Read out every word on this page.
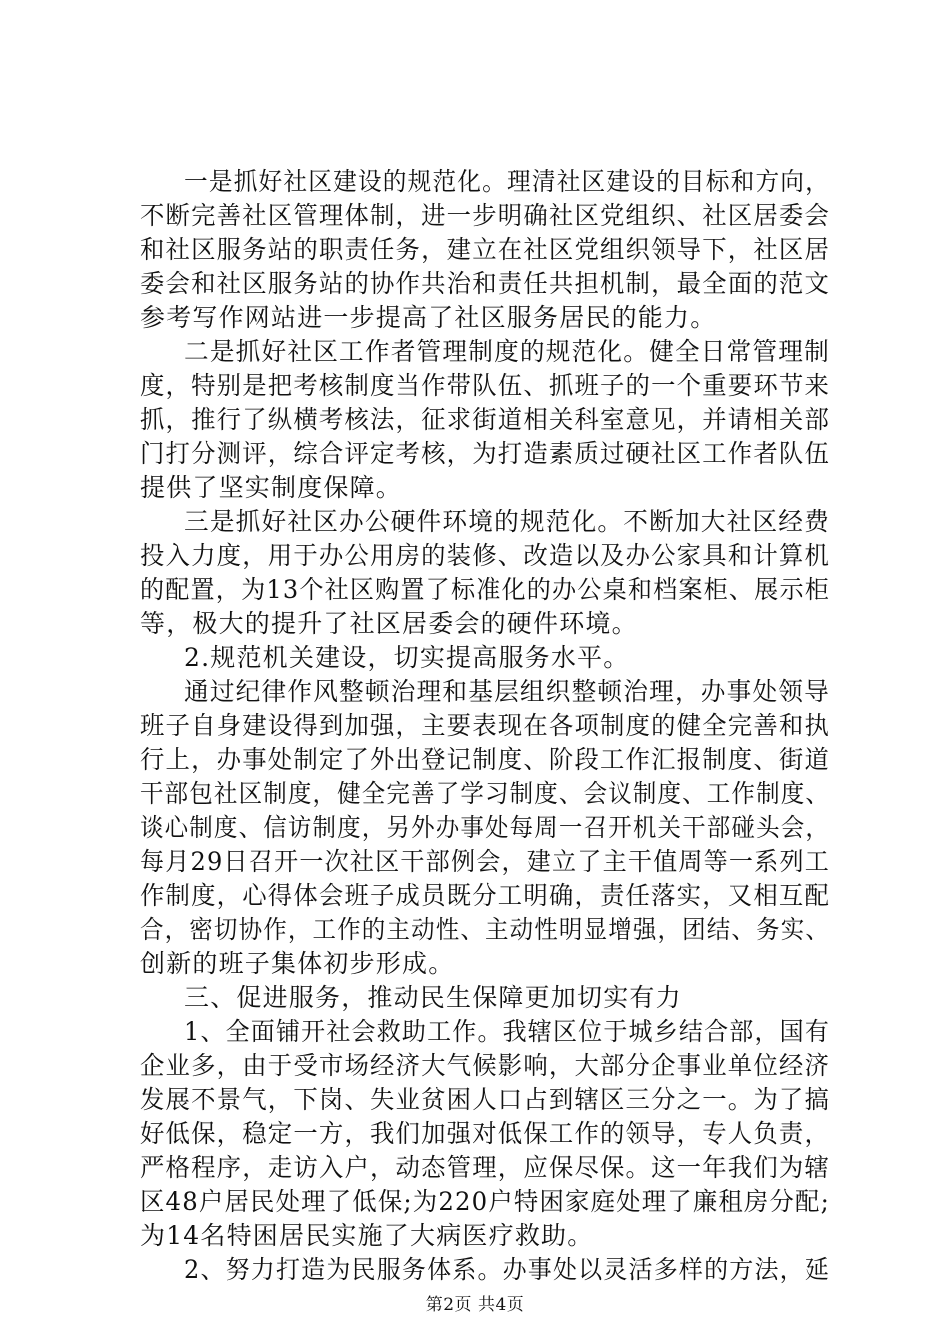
一是抓好社区建设的规范化。理清社区建设的目标和方向，
不断完善社区管理体制，进一步明确社区党组织、社区居委会
和社区服务站的职责任务，建立在社区党组织领导下，社区居
委会和社区服务站的协作共治和责任共担机制，最全面的范文
参考写作网站进一步提高了社区服务居民的能力。
二是抓好社区工作者管理制度的规范化。健全日常管理制
度，特别是把考核制度当作带队伍、抓班子的一个重要环节来
抓，推行了纵横考核法，征求街道相关科室意见，并请相关部
门打分测评，综合评定考核，为打造素质过硬社区工作者队伍
提供了坚实制度保障。
三是抓好社区办公硬件环境的规范化。不断加大社区经费
投入力度，用于办公用房的装修、改造以及办公家具和计算机
的配置，为13个社区购置了标准化的办公桌和档案柜、展示柜
等，极大的提升了社区居委会的硬件环境。
2.规范机关建设，切实提高服务水平。
通过纪律作风整顿治理和基层组织整顿治理，办事处领导
班子自身建设得到加强，主要表现在各项制度的健全完善和执
行上，办事处制定了外出登记制度、阶段工作汇报制度、街道
干部包社区制度，健全完善了学习制度、会议制度、工作制度、
谈心制度、信访制度，另外办事处每周一召开机关干部碰头会，
每月29日召开一次社区干部例会，建立了主干值周等一系列工
作制度，心得体会班子成员既分工明确，责任落实，又相互配
合，密切协作，工作的主动性、主动性明显增强，团结、务实、
创新的班子集体初步形成。
三、促进服务，推动民生保障更加切实有力
1、全面铺开社会救助工作。我辖区位于城乡结合部，国有
企业多，由于受市场经济大气候影响，大部分企事业单位经济
发展不景气，下岗、失业贫困人口占到辖区三分之一。为了搞
好低保，稳定一方，我们加强对低保工作的领导，专人负责，
严格程序，走访入户，动态管理，应保尽保。这一年我们为辖
区48户居民处理了低保;为220户特困家庭处理了廉租房分配;
为14名特困居民实施了大病医疗救助。
2、努力打造为民服务体系。办事处以灵活多样的方法，延
第2页 共4页
